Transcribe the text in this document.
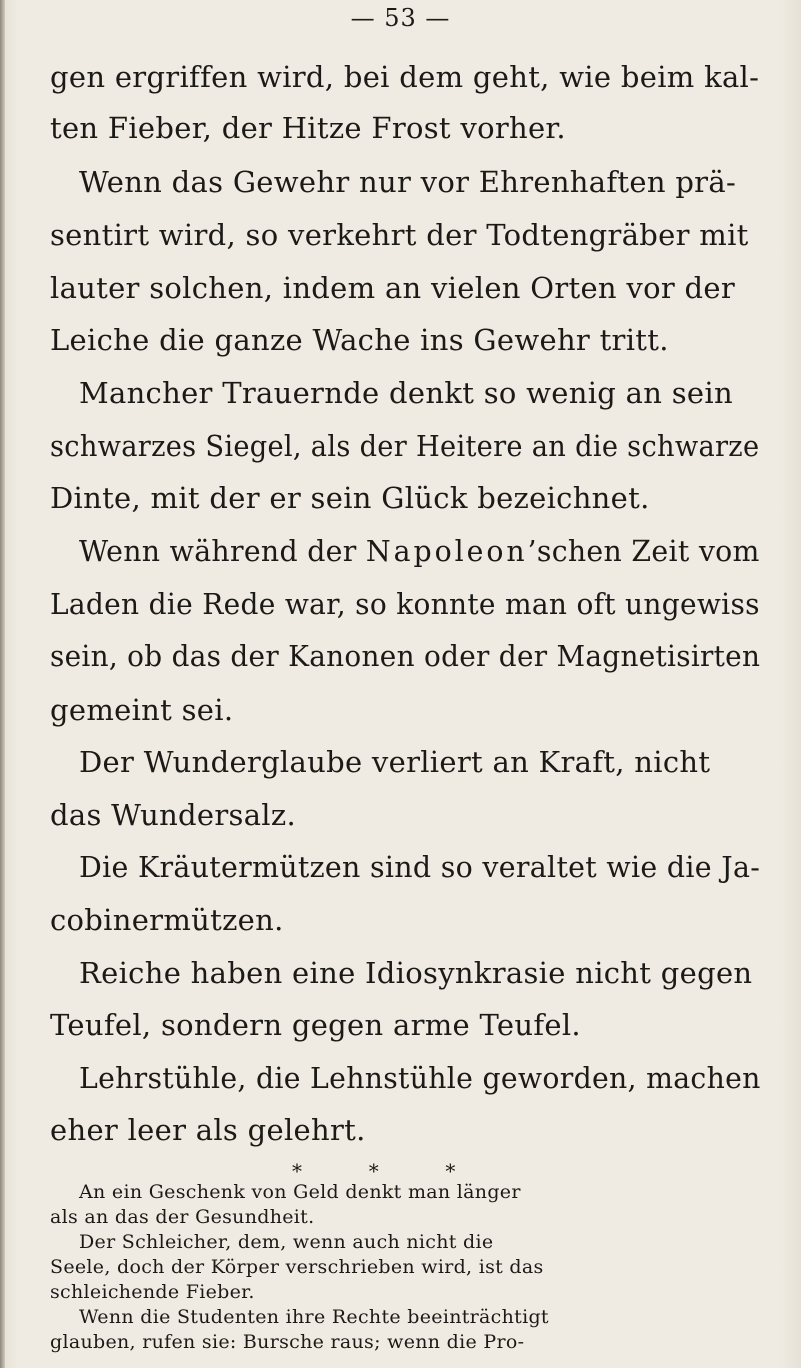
— 53 —
gen ergriffen wird, bei dem geht, wie beim kal-
ten Fieber, der Hitze Frost vorher.
Wenn das Gewehr nur vor Ehrenhaften prä-
sentirt wird, so verkehrt der Todtengräber mit
lauter solchen, indem an vielen Orten vor der
Leiche die ganze Wache ins Gewehr tritt.
Mancher Trauernde denkt so wenig an sein
schwarzes Siegel, als der Heitere an die schwarze
Dinte, mit der er sein Glück bezeichnet.
Wenn während der Napoleon’schen Zeit vom
Laden die Rede war, so konnte man oft ungewiss
sein, ob das der Kanonen oder der Magnetisirten
gemeint sei.
Der Wunderglaube verliert an Kraft, nicht
das Wundersalz.
Die Kräutermützen sind so veraltet wie die Ja-
cobinermützen.
Reiche haben eine Idiosynkrasie nicht gegen
Teufel, sondern gegen arme Teufel.
Lehrstühle, die Lehnstühle geworden, machen
eher leer als gelehrt.
*  *  *
An ein Geschenk von Geld denkt man länger
als an das der Gesundheit.
Der Schleicher, dem, wenn auch nicht die
Seele, doch der Körper verschrieben wird, ist das
schleichende Fieber.
Wenn die Studenten ihre Rechte beeinträchtigt
glauben, rufen sie: Bursche raus; wenn die Pro-
